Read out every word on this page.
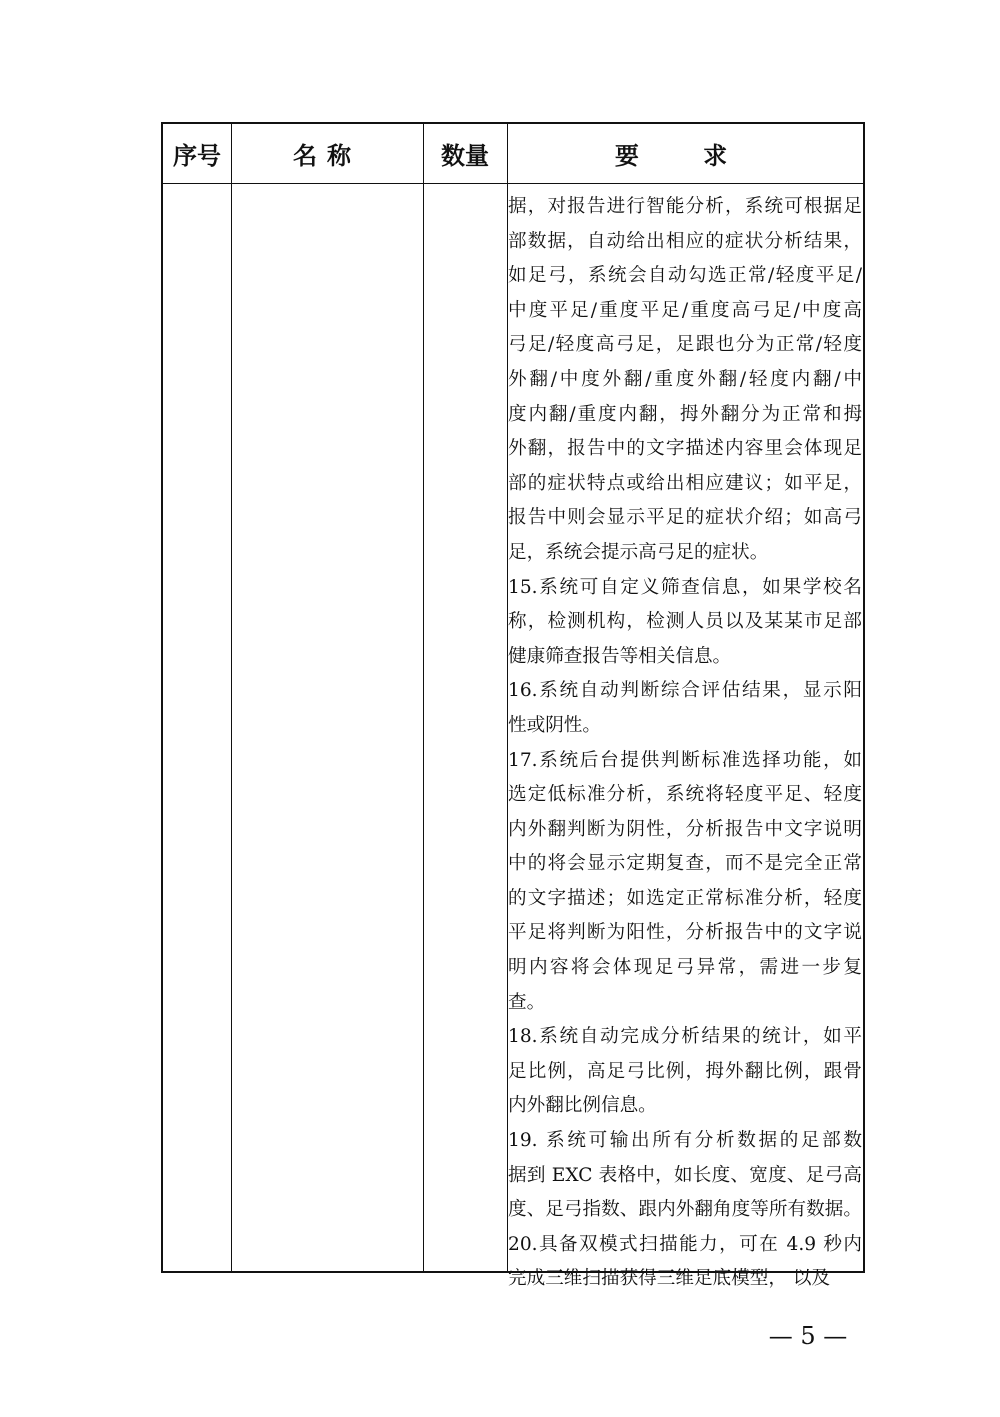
序号	名称	数量	要 求
据，对报告进行智能分析，系统可根据足
部数据，自动给出相应的症状分析结果，
如足弓，系统会自动勾选正常/轻度平足/
中度平足/重度平足/重度高弓足/中度高
弓足/轻度高弓足，足跟也分为正常/轻度
外翻/中度外翻/重度外翻/轻度内翻/中
度内翻/重度内翻，拇外翻分为正常和拇
外翻，报告中的文字描述内容里会体现足
部的症状特点或给出相应建议；如平足，
报告中则会显示平足的症状介绍；如高弓
足，系统会提示高弓足的症状。
15.系统可自定义筛查信息，如果学校名
称，检测机构，检测人员以及某某市足部
健康筛查报告等相关信息。
16.系统自动判断综合评估结果，显示阳
性或阴性。
17.系统后台提供判断标准选择功能，如
选定低标准分析，系统将轻度平足、轻度
内外翻判断为阴性，分析报告中文字说明
中的将会显示定期复查，而不是完全正常
的文字描述；如选定正常标准分析，轻度
平足将判断为阳性，分析报告中的文字说
明内容将会体现足弓异常，需进一步复
查。
18.系统自动完成分析结果的统计，如平
足比例，高足弓比例，拇外翻比例，跟骨
内外翻比例信息。
19. 系统可输出所有分析数据的足部数
据到 EXC 表格中，如长度、宽度、足弓高
度、足弓指数、跟内外翻角度等所有数据。
20.具备双模式扫描能力，可在 4.9 秒内
完成三维扫描获得三维足底模型， 以及
— 5 —
